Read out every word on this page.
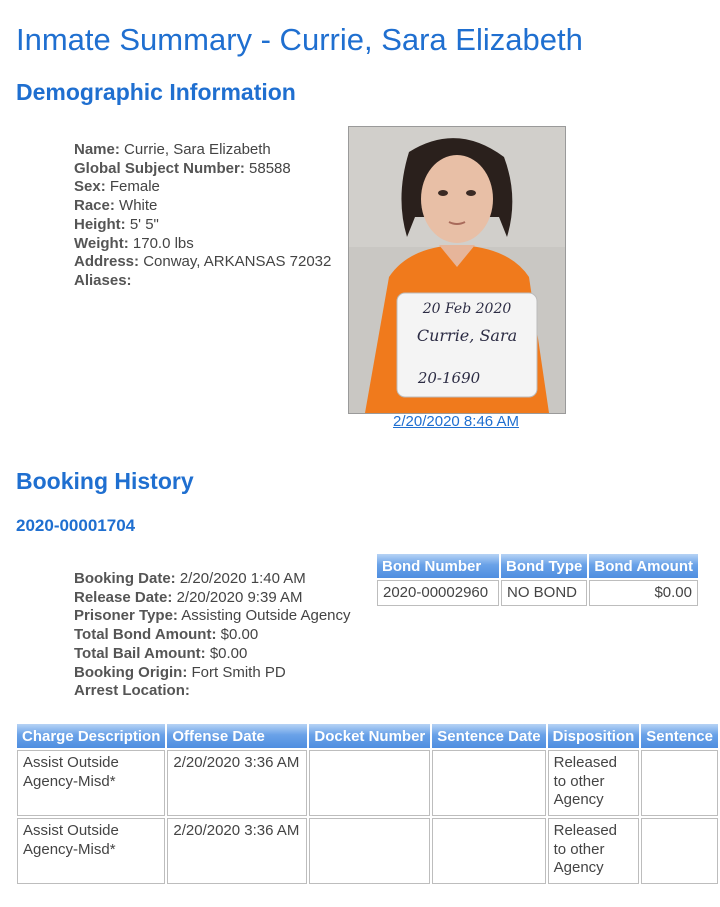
Inmate Summary - Currie, Sara Elizabeth
Demographic Information
Name: Currie, Sara Elizabeth
Global Subject Number: 58588
Sex: Female
Race: White
Height: 5' 5"
Weight: 170.0 lbs
Address: Conway, ARKANSAS 72032
Aliases:
20 Feb 2020
Currie, Sara
20-1690
2/20/2020 8:46 AM
Booking History
2020-00001704
Booking Date: 2/20/2020 1:40 AM
Release Date: 2/20/2020 9:39 AM
Prisoner Type: Assisting Outside Agency
Total Bond Amount: $0.00
Total Bail Amount: $0.00
Booking Origin: Fort Smith PD
Arrest Location:
Bond Number	Bond Type	Bond Amount
2020-00002960	NO BOND	$0.00
Charge Description	Offense Date	Docket Number	Sentence Date	Disposition	Sentence
Assist Outside Agency-Misd*	2/20/2020 3:36 AM			Released to other Agency	
Assist Outside Agency-Misd*	2/20/2020 3:36 AM			Released to other Agency	
